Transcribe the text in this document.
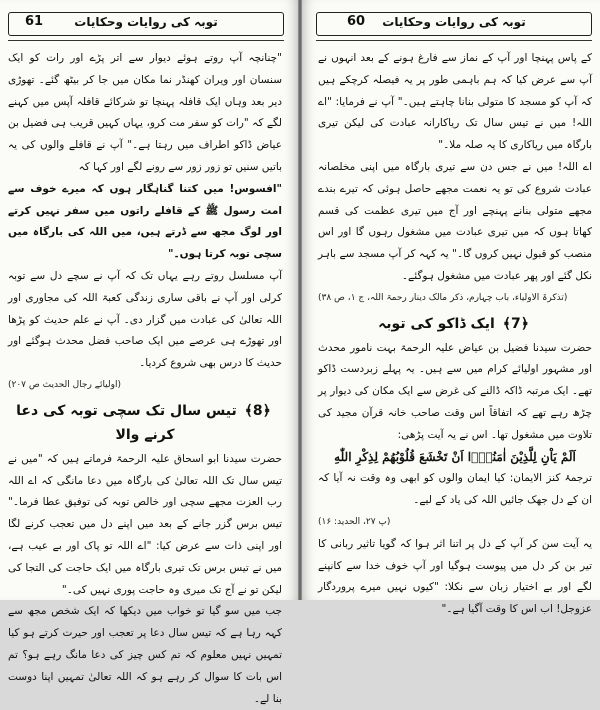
61	توبہ کی روایات وحکایات

"چنانچہ آپ روتے ہوئے دیوار سے اتر پڑے اور رات کو ایک سنسان اور ویران کھنڈر نما مکان میں جا کر بیٹھ گئے۔ تھوڑی دیر بعد وہاں ایک قافلہ پہنچا تو شرکائے قافلہ آپس میں کہنے لگے کہ "رات کو سفر مت کرو، یہاں کہیں قریب ہی فضیل بن عیاض ڈاکو اطراف میں رہتا ہے۔" آپ نے قافلے والوں کی یہ باتیں سنیں تو زور زور سے رونے لگے اور کہا کہ

"افسوس! میں کتنا گناہگار ہوں کہ میرے خوف سے امت رسول ﷺ کے قافلے راتوں میں سفر نہیں کرتے اور لوگ مجھ سے ڈرتے ہیں، میں اللہ کی بارگاہ میں سچی توبہ کرتا ہوں۔"

آپ مسلسل روتے رہے یہاں تک کہ آپ نے سچے دل سے توبہ کرلی اور آپ نے باقی ساری زندگی کعبۃ اللہ کی مجاوری اور اللہ تعالیٰ کی عبادت میں گزار دی۔ آپ نے علم حدیث کو پڑھا اور تھوڑے ہی عرصے میں ایک صاحب فضل محدث ہوگئے اور حدیث کا درس بھی شروع کردیا۔

(اولیائے رجال الحدیث ص ۲۰۷)

﴿8﴾ تیس سال تک سچی توبہ کی دعا کرنے والا

حضرت سیدنا ابو اسحاق علیہ الرحمۃ فرماتے ہیں کہ "میں نے تیس سال تک اللہ تعالیٰ کی بارگاہ میں دعا مانگی کہ اے اللہ رب العزت مجھے سچی اور خالص توبہ کی توفیق عطا فرما۔" تیس برس گزر جانے کے بعد میں اپنے دل میں تعجب کرنے لگا اور اپنی ذات سے عرض کیا: "اے اللہ تو پاک اور بے عیب ہے، میں نے تیس برس تک تیری بارگاہ میں ایک حاجت کی التجا کی لیکن تو نے آج تک میری وہ حاجت پوری نہیں کی۔"

جب میں سو گیا تو خواب میں دیکھا کہ ایک شخص مجھ سے کہہ رہا ہے کہ تیس سال دعا پر تعجب اور حیرت کرتے ہو کیا تمہیں نہیں معلوم کہ تم کس چیز کی دعا مانگ رہے ہو؟ تم اس بات کا سوال کر رہے ہو کہ اللہ تعالیٰ تمہیں اپنا دوست بنا لے۔

60	توبہ کی روایات وحکایات

کے پاس پہنچا اور آپ کے نماز سے فارغ ہونے کے بعد انہوں نے آپ سے عرض کیا کہ ہم باہمی طور پر یہ فیصلہ کرچکے ہیں کہ آپ کو مسجد کا متولی بنانا چاہتے ہیں۔" آپ نے فرمایا: "اے اللہ! میں نے تیس سال تک ریاکارانہ عبادت کی لیکن تیری بارگاہ میں ریاکاری کا یہ صلہ ملا۔"

اے اللہ! میں نے جس دن سے تیری بارگاہ میں اپنی مخلصانہ عبادت شروع کی تو یہ نعمت مجھے حاصل ہوئی کہ تیرے بندے مجھے متولی بنانے پہنچے اور آج میں تیری عظمت کی قسم کھاتا ہوں کہ میں تیری عبادت میں مشغول رہوں گا اور اس منصب کو قبول نہیں کروں گا۔" یہ کہہ کر آپ مسجد سے باہر نکل گئے اور پھر عبادت میں مشغول ہوگئے۔

(تذکرۃ الاولیاء، باب چہارم، ذکر مالک دینار رحمۃ اللہ، ج ۱، ص ۳۸)

﴿7﴾ ایک ڈاکو کی توبہ

حضرت سیدنا فضیل بن عیاض علیہ الرحمۃ بہت نامور محدث اور مشہور اولیائے کرام میں سے ہیں۔ یہ پہلے زبردست ڈاکو تھے۔ ایک مرتبہ ڈاکہ ڈالنے کی غرض سے ایک مکان کی دیوار پر چڑھ رہے تھے کہ اتفاقاً اس وقت صاحب خانہ قرآن مجید کی تلاوت میں مشغول تھا۔ اس نے یہ آیت پڑھی:

اَلَمْ یَاْنِ لِلَّذِیْنَ اٰمَنُوْۤا اَنْ تَخْشَعَ قُلُوْبُهُمْ لِذِكْرِ اللّٰهِ

ترجمۂ کنز الایمان: کیا ایمان والوں کو ابھی وہ وقت نہ آیا کہ ان کے دل جھک جائیں اللہ کی یاد کے لیے۔

(پ ۲۷، الحدید: ۱۶)

یہ آیت سن کر آپ کے دل پر اتنا اثر ہوا کہ گویا تاثیر ربانی کا تیر بن کر دل میں پیوست ہوگیا اور آپ خوف خدا سے کانپنے لگے اور بے اختیار زبان سے نکلا: "کیوں نہیں میرے پروردگار عزوجل! اب اس کا وقت آگیا ہے۔"
